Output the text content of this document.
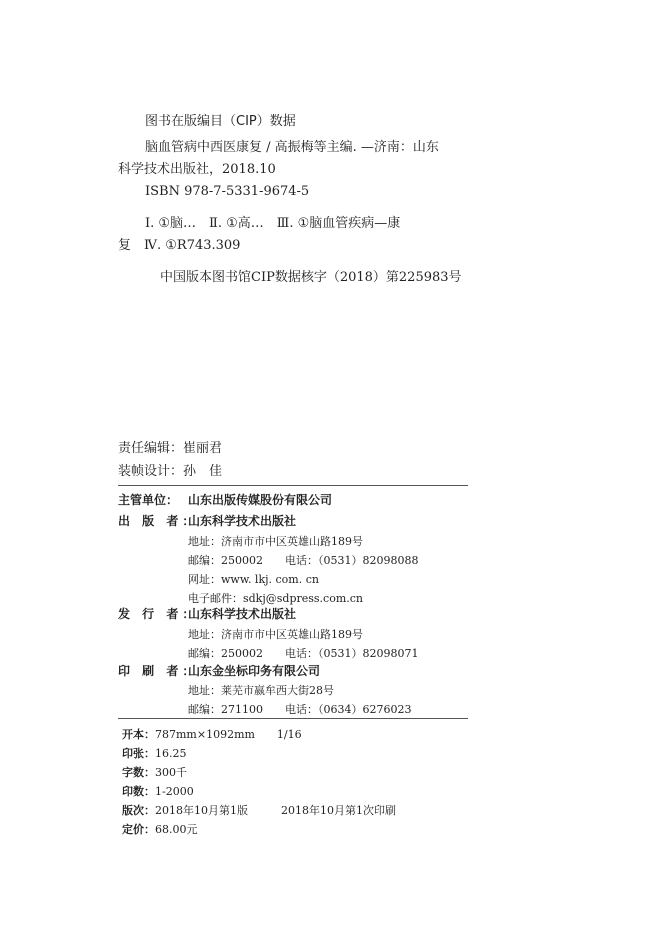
图书在版编目（CIP）数据
脑血管病中西医康复 / 高振梅等主编. —济南：山东
科学技术出版社，2018.10
ISBN 978-7-5331-9674-5
Ⅰ. ①脑…　Ⅱ. ①高…　Ⅲ. ①脑血管疾病—康
复　Ⅳ. ①R743.309
中国版本图书馆CIP数据核字（2018）第225983号
责任编辑：崔丽君
装帧设计：孙　佳
主管单位： 山东出版传媒股份有限公司
出 版 者：山东科学技术出版社
地址：济南市市中区英雄山路189号
邮编：250002　　电话：（0531）82098088
网址：www. lkj. com. cn
电子邮件：sdkj@sdpress.com.cn
发 行 者：山东科学技术出版社
地址：济南市市中区英雄山路189号
邮编：250002　　电话：（0531）82098071
印 刷 者：山东金坐标印务有限公司
地址：莱芜市嬴牟西大街28号
邮编：271100　　电话：（0634）6276023
开本：787mm×1092mm　　1/16
印张：16.25
字数：300千
印数：1-2000
版次：2018年10月第1版　　　2018年10月第1次印刷
定价：68.00元
